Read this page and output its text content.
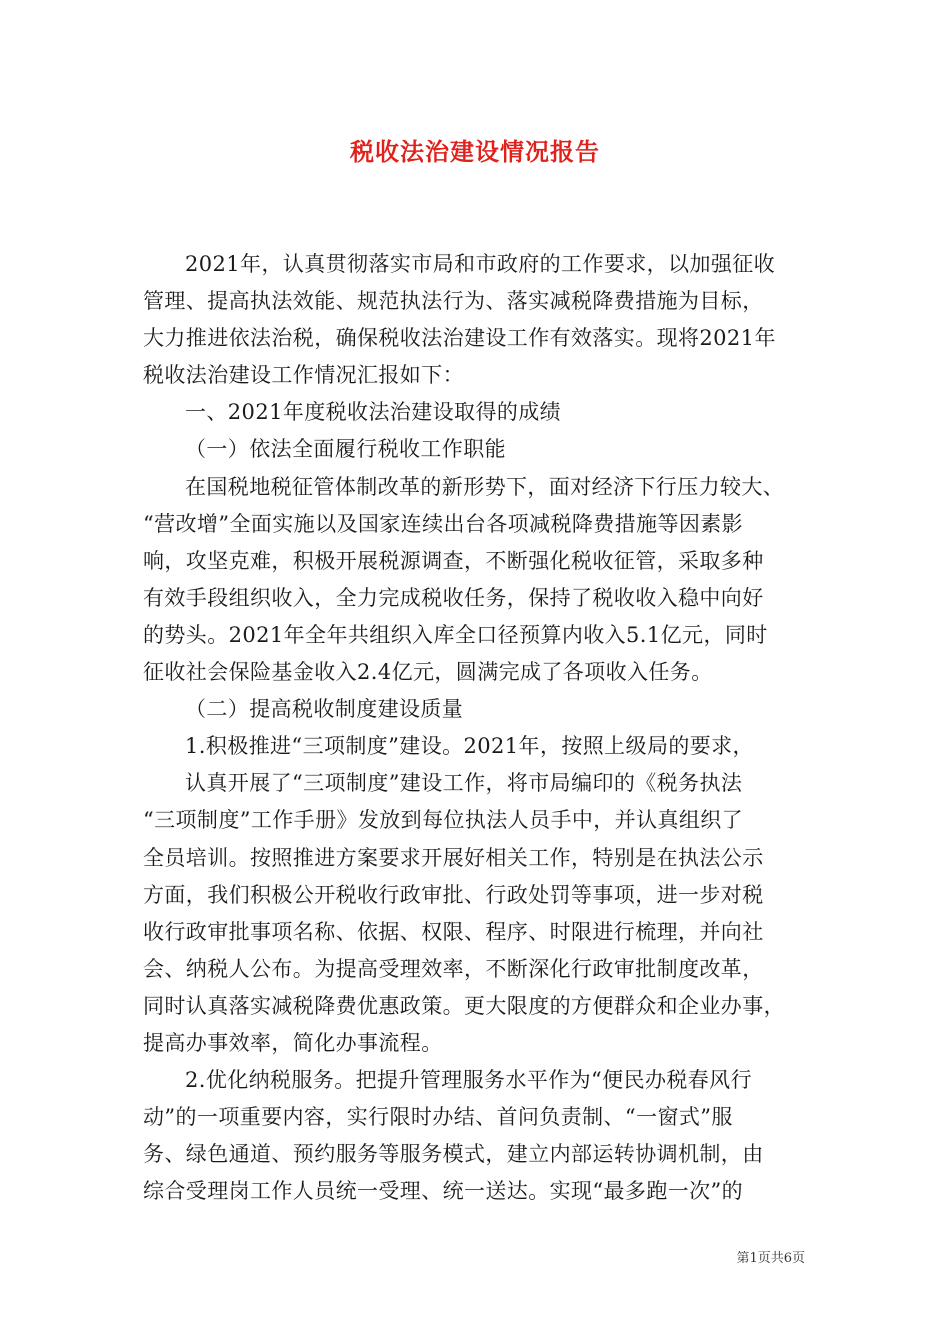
税收法治建设情况报告
2021年，认真贯彻落实市局和市政府的工作要求，以加强征收
管理、提高执法效能、规范执法行为、落实减税降费措施为目标，
大力推进依法治税，确保税收法治建设工作有效落实。现将2021年
税收法治建设工作情况汇报如下：
一、2021年度税收法治建设取得的成绩
（一）依法全面履行税收工作职能
在国税地税征管体制改革的新形势下，面对经济下行压力较大、
“营改增”全面实施以及国家连续出台各项减税降费措施等因素影
响，攻坚克难，积极开展税源调查，不断强化税收征管，采取多种
有效手段组织收入，全力完成税收任务，保持了税收收入稳中向好
的势头。2021年全年共组织入库全口径预算内收入5.1亿元，同时
征收社会保险基金收入2.4亿元，圆满完成了各项收入任务。
（二）提高税收制度建设质量
1.积极推进“三项制度”建设。2021年，按照上级局的要求，
认真开展了“三项制度”建设工作，将市局编印的《税务执法
“三项制度”工作手册》发放到每位执法人员手中，并认真组织了
全员培训。按照推进方案要求开展好相关工作，特别是在执法公示
方面，我们积极公开税收行政审批、行政处罚等事项，进一步对税
收行政审批事项名称、依据、权限、程序、时限进行梳理，并向社
会、纳税人公布。为提高受理效率，不断深化行政审批制度改革，
同时认真落实减税降费优惠政策。更大限度的方便群众和企业办事，
提高办事效率，简化办事流程。
2.优化纳税服务。把提升管理服务水平作为“便民办税春风行
动”的一项重要内容，实行限时办结、首问负责制、“一窗式”服
务、绿色通道、预约服务等服务模式，建立内部运转协调机制，由
综合受理岗工作人员统一受理、统一送达。实现“最多跑一次”的
第1页共6页
